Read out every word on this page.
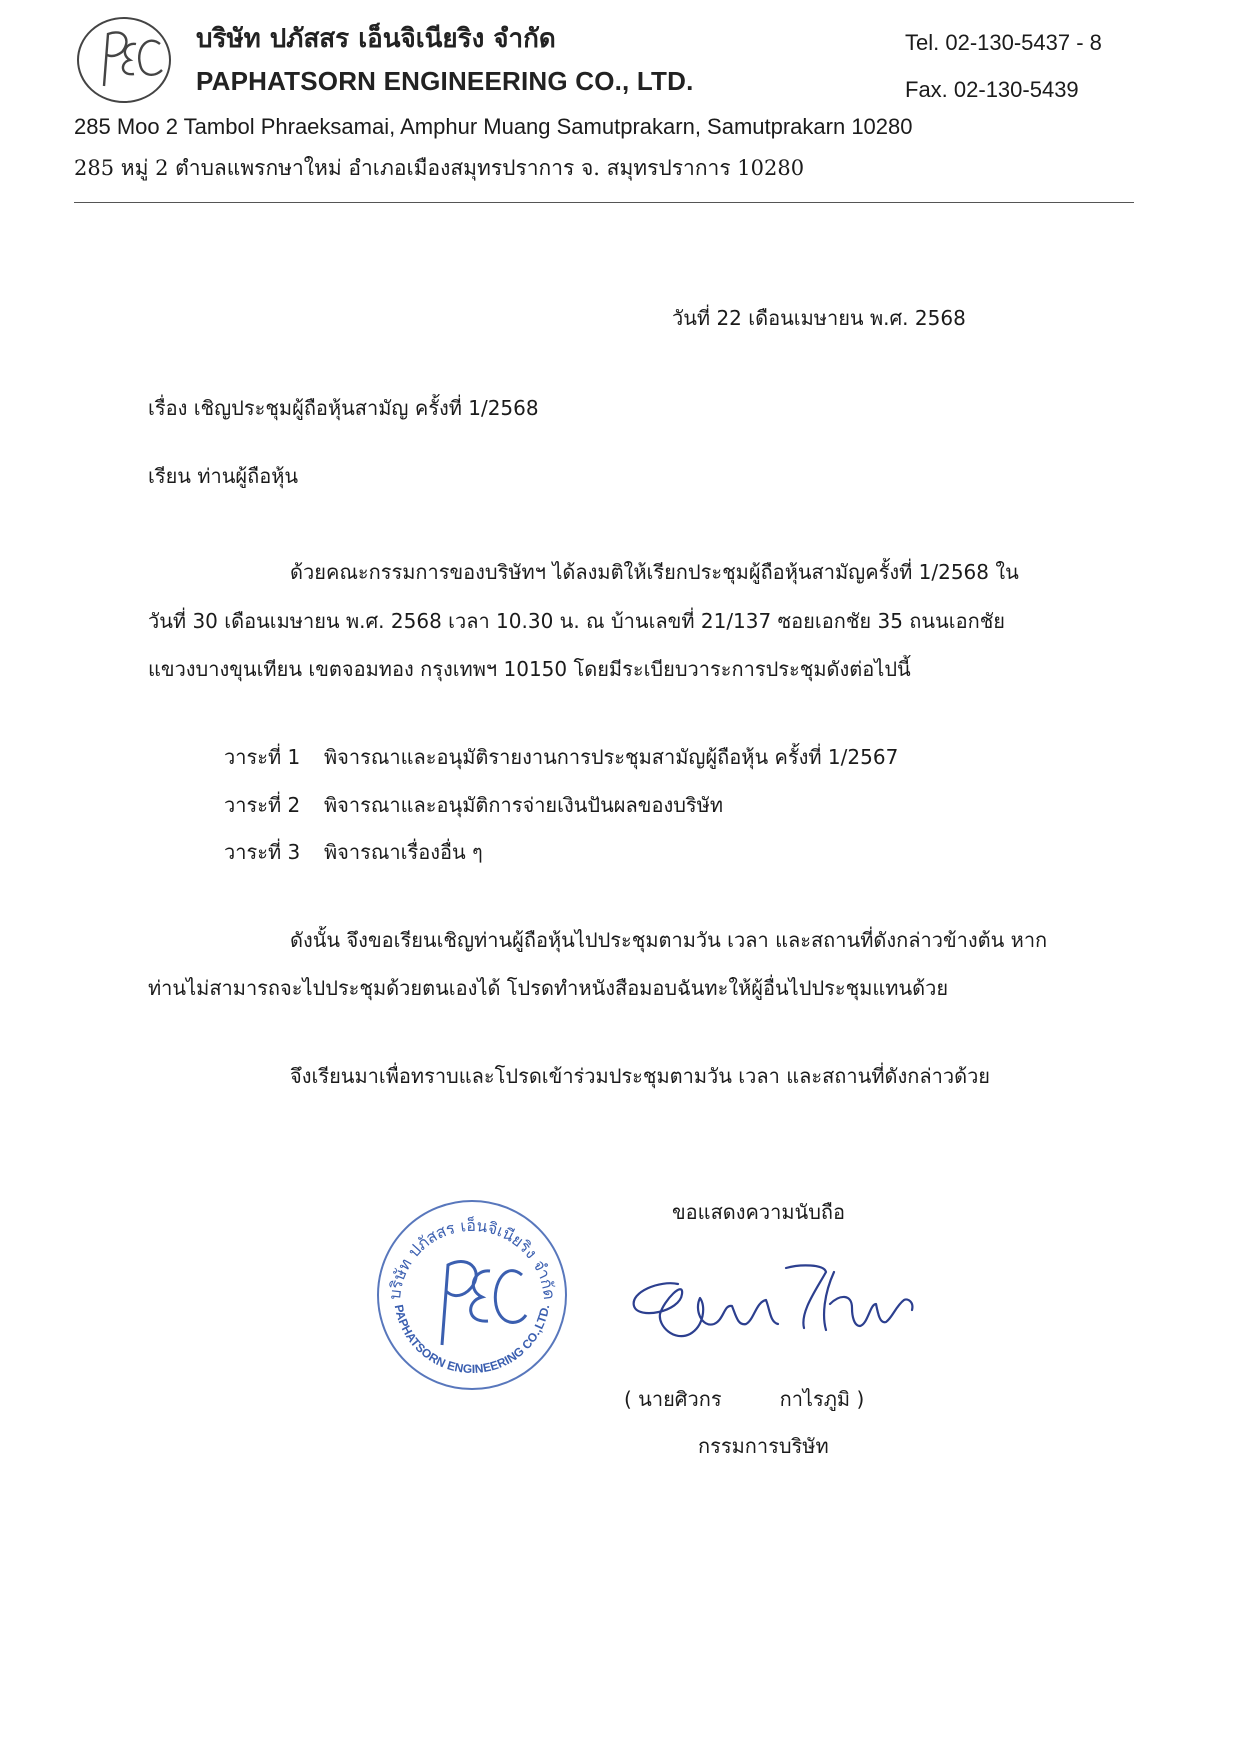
บริษัท ปภัสสร เอ็นจิเนียริง จำกัด
PAPHATSORN ENGINEERING CO., LTD.
Tel. 02-130-5437 - 8
Fax. 02-130-5439
285 Moo 2 Tambol Phraeksamai, Amphur Muang Samutprakarn, Samutprakarn 10280
285 หมู่ 2 ตำบลแพรกษาใหม่ อำเภอเมืองสมุทรปราการ จ. สมุทรปราการ 10280
วันที่ 22 เดือนเมษายน พ.ศ. 2568
เรื่อง เชิญประชุมผู้ถือหุ้นสามัญ ครั้งที่ 1/2568
เรียน ท่านผู้ถือหุ้น
ด้วยคณะกรรมการของบริษัทฯ ได้ลงมติให้เรียกประชุมผู้ถือหุ้นสามัญครั้งที่ 1/2568 ใน
วันที่ 30 เดือนเมษายน พ.ศ. 2568 เวลา 10.30 น. ณ บ้านเลขที่ 21/137 ซอยเอกชัย 35 ถนนเอกชัย
แขวงบางขุนเทียน เขตจอมทอง กรุงเทพฯ 10150 โดยมีระเบียบวาระการประชุมดังต่อไปนี้
วาระที่ 1 พิจารณาและอนุมัติรายงานการประชุมสามัญผู้ถือหุ้น ครั้งที่ 1/2567
วาระที่ 2 พิจารณาและอนุมัติการจ่ายเงินปันผลของบริษัท
วาระที่ 3 พิจารณาเรื่องอื่น ๆ
ดังนั้น จึงขอเรียนเชิญท่านผู้ถือหุ้นไปประชุมตามวัน เวลา และสถานที่ดังกล่าวข้างต้น หาก
ท่านไม่สามารถจะไปประชุมด้วยตนเองได้ โปรดทำหนังสือมอบฉันทะให้ผู้อื่นไปประชุมแทนด้วย
จึงเรียนมาเพื่อทราบและโปรดเข้าร่วมประชุมตามวัน เวลา และสถานที่ดังกล่าวด้วย
ขอแสดงความนับถือ
บริษัท ปภัสสร เอ็นจิเนียริง จำกัด
PAPHATSORN ENGINEERING CO.,LTD.
( นายศิวกร	กาไรภูมิ )
กรรมการบริษัท
